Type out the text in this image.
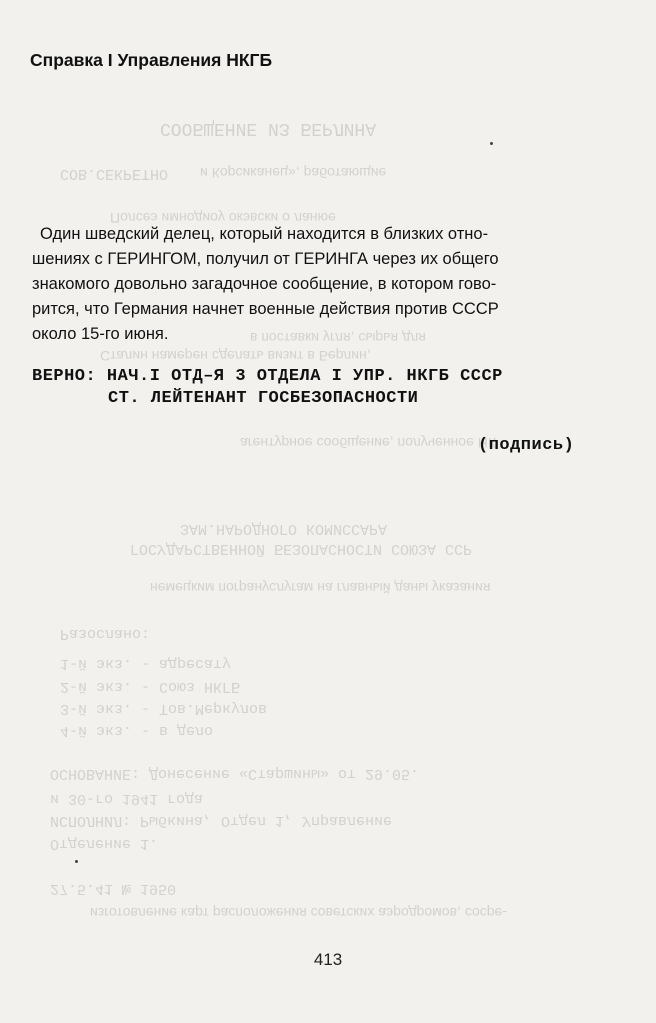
СООБЩЕНИЕ ИЗ БЕРЛИНА
СОВ.СЕКРЕТНО и Корсиканец», работающие
Полсеэ имнодиоy окэвски о лaнюе
в поставки угля, сырья для
Сталин намерен сделать визит в Берлин,
агентурное сообщение, полученное НК
ЗАМ.НАРОДНОГО КОМИССАРА
ГОСУДАРСТВЕННОЙ БЕЗОПАСНОСТИ СОЮЗА ССР
немецким погрануслугам на главный даны указания
Разослано:
1-й экз. - адресату
2-й экз. - Союз НКГБ
3-й экз. - Тов.Меркулов
4-й экз. - в дело
ОСНОВАНИЕ: Донесение «Старшины» от 29.05.
и 30-го 1941 года
ИСПОЛНИЛ: Рыбкина, Отдел 1, Управление
Отделение 1.
27.5.41 № 1950
изготовление карт расположения советских аэродромов, сосре-
Справка I Управления НКГБ
Один шведский делец, который находится в близких отно-
шениях с ГЕРИНГОМ, получил от ГЕРИНГА через их общего
знакомого довольно загадочное сообщение, в котором гово-
рится, что Германия начнет военные действия против СССР
около 15-го июня.
ВЕРНО: НАЧ.I ОТД–Я 3 ОТДЕЛА I УПР. НКГБ СССР
СТ. ЛЕЙТЕНАНТ ГОСБЕЗОПАСНОСТИ
(подпись)
413
